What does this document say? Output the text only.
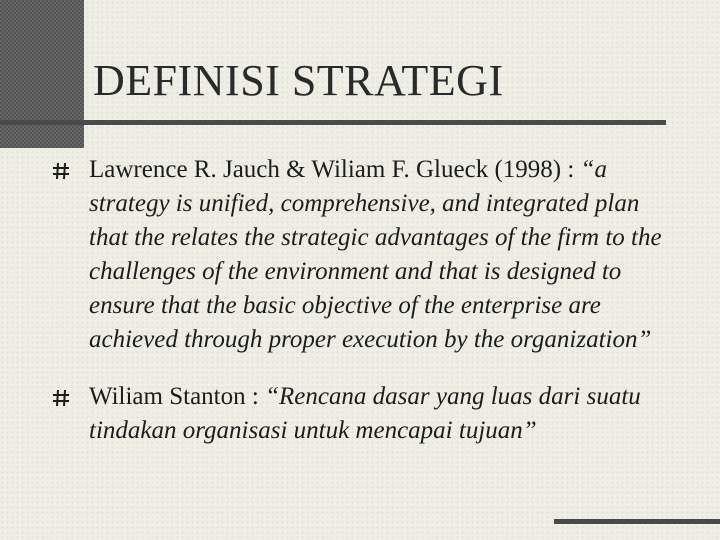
DEFINISI STRATEGI
Lawrence R. Jauch & Wiliam F. Glueck (1998) : “a strategy is unified, comprehensive, and integrated plan that the relates the strategic advantages of the firm to the challenges of the environment and that is designed to ensure that the basic objective of the enterprise are achieved through proper execution by the organization”
Wiliam Stanton : “Rencana dasar yang luas dari suatu tindakan organisasi untuk mencapai tujuan”
